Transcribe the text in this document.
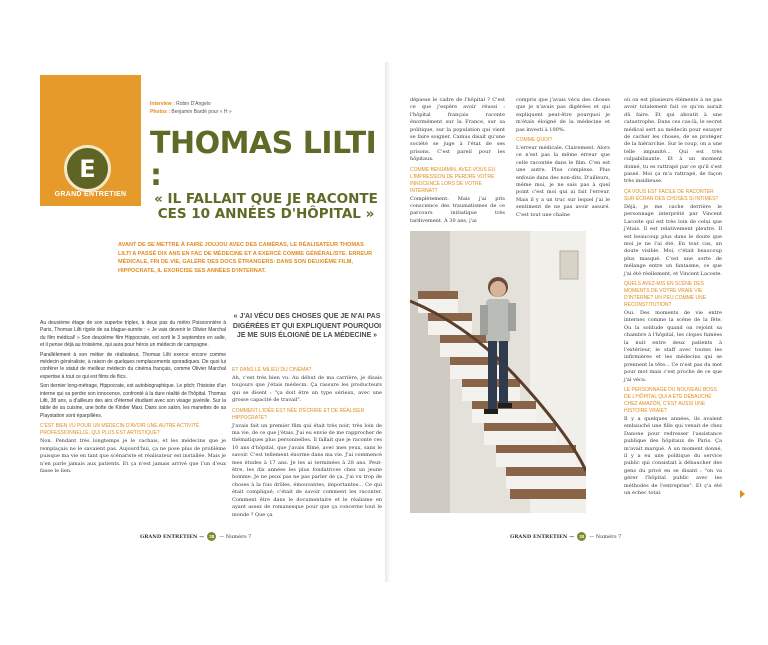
E
GRAND ENTRETIEN
Interview : Robin D'Angelo
Photos : Benjamin Bardé pour « H »
THOMAS LILTI :
« IL FALLAIT QUE JE RACONTE
CES 10 ANNÉES D'HÔPITAL »
AVANT DE SE METTRE À FAIRE JOUJOU AVEC DES CAMÉRAS, LE RÉALISATEUR THOMAS LILTI A PASSÉ DIX ANS EN FAC DE MÉDECINE ET A EXERCÉ COMME GÉNÉRALISTE. ERREUR MÉDICALE, FIN DE VIE, GALÈRE DES DOCS ÉTRANGERS: DANS SON DEUXIÈME FILM, HIPPOCRATE, IL EXORCISE SES ANNÉES D'INTERNAT.
« J'AI VÉCU DES CHOSES QUE JE N'AI PAS DIGÉRÉES ET QUI EXPLIQUENT POURQUOI JE ME SUIS ÉLOIGNÉ DE LA MÉDECINE »

Au deuxième étage de son superbe triplex, à deux pas du métro Poissonnière à Paris, Thomas Lilti rigole de sa blague-surnite : « Je vais devenir le Olivier Marchal du film médical! » Son deuxième film Hippocrate, est sorti le 3 septembre en salle, et il pense déjà au troisième, qui aura pour héros un médecin de campagne.

Parallèlement à son métier de réalisateur, Thomas Lilti exerce encore comme médecin généraliste, à raison de quelques remplacements sporadiques. De quoi lui conférer le statut de meilleur médecin du cinéma français, comme Olivier Marchal expertise à tout ce qui est films de flics.

Son dernier long-métrage, Hippocrate, est autobiographique. Le pitch: l'histoire d'un interne qui va perdre son innocence, confronté à la dure réalité de l'hôpital. Thomas Lilti, 38 ans, a d'ailleurs des airs d'éternel étudiant avec son visage juvénile. Sur la table de sa cuisine, une boîte de Kinder Maxi. Dans son salon, les manettes de sa Playstation sont éparpillées.

C'EST BIEN VU POUR UN MÉDECIN D'AVOIR UNE AUTRE ACTIVITÉ PROFESSIONNELLE, QUI PLUS EST ARTISTIQUE?

Non. Pendant très longtemps je le cachais, et les médecins que je remplaçais ne le savaient pas. Aujourd'hui, ça ne pose plus de problème puisque ma vie en tant que scénariste et réalisateur est installée. Mais je n'en parle jamais aux patients. Et ça n'est jamais arrivé que l'un d'eux fasse le lien.

ET DANS LE MILIEU DU CINÉMA?

Ah, c'est très bien vu. Au début de ma carrière, je disais toujours que j'étais médecin. Ça rassure les producteurs qui se disent : "ça doit être un type sérieux, avec une grosse capacité de travail".

COMMENT L'IDÉE EST NÉE D'ÉCRIRE ET DE RÉALISER HIPPOCRATE?

J'avais fait un premier film qui était très noir, très loin de ma vie, de ce que j'étais. J'ai eu envie de me rapprocher de thématiques plus personnelles. Il fallait que je raconte ces 10 ans d'hôpital, que j'avais filmé, avec mes yeux, sans le savoir. C'est tellement énorme dans ma vie. J'ai commencé mes études à 17 ans. Je les ai terminées à 28 ans. Peut-être, les dix années les plus fondatrices chez un jeune homme. Je ne peux pas ne pas parler de ça. J'ai vu trop de choses à la fois drôles, émouvantes, importantes... Ce qui était compliqué, c'était de savoir comment les raconter. Comment être dans le documentaire et le réalisme en ayant assez de romanesque pour que ça concerne tout le monde ? Que ça

GRAND ENTRETIEN —	28	— Numéro 7

dépasse le cadre de l'hôpital ? C'est ce que j'espère avoir réussi : l'hôpital français raconte énormément sur la France, sur sa politique, sur la population qui vient se faire soigner. Camus disait qu'une société se juge à l'état de ses prisons. C'est pareil pour les hôpitaux.

COMME BENJAMIN, AVEZ-VOUS EU L'IMPRESSION DE PERDRE VOTRE INNOCENCE LORS DE VOTRE INTERNAT?

Complètement. Mais j'ai pris conscience des traumatismes de ce parcours initiatique très tardivement. À 30 ans, j'ai

compris que j'avais vécu des choses que je n'avais pas digérées et qui expliquent peut-être pourquoi je m'étais éloigné de la médecine et pas investi à 100%.

COMME QUOI?

L'erreur médicale. Clairement. Alors ce n'est pas la même erreur que celle racontée dans le film. C'en est une autre. Plus complexe. Plus enfouie dans des non-dits. D'ailleurs, même moi, je ne sais pas à quel point c'est moi qui ai fait l'erreur. Mais il y a un truc sur lequel j'ai le sentiment de ne pas avoir assuré. C'est tout une chaîne

où on est plusieurs éléments à ne pas avoir totalement fait ce qu'on aurait dû faire. Et qui aboutit à une catastrophe. Dans ces cas-là, le secret médical sert au médecin pour essayer de cacher les choses, de se protéger de la hiérarchie. Sur le coup, on a une telle impunité... Qui est très culpabilisante. Et à un moment donné, tu es rattrapé par ce qu'il s'est passé. Moi ça m'a rattrapé, de façon très insidieuse.

ÇA VOUS EST FACILE DE RACONTER SUR ÉCRAN DES CHOSES SI INTIMES?

Déjà, je me cache derrière le personnage interprété par Vincent Lacoste qui est très loin de celui que j'étais. Il est relativement pleutre. Il est beaucoup plus dans le doute que moi je ne l'ai été. En tout cas, un doute visible. Moi, c'était beaucoup plus masqué. C'est une sorte de mélange entre un fantasme, ce que j'ai été réellement, et Vincent Lacoste.

QUELS AVEZ-MIS EN SCÈNE DES MOMENTS DE VOTRE VRAIE VIE D'INTERNE? UN PEU COMME UNE RECONSTITUTION?

Oui. Des moments de vie entre internes comme la scène de la fête. Ou la solitude quand on rejoint sa chambre à l'hôpital, les clopes fumées la nuit entre deux patients à l'extérieur, le staff avec toutes les infirmières et les médecins qui se prennent la tête... Ce n'est pas du mot pour mot mais c'est proche de ce que j'ai vécu.

LE PERSONNAGE DU NOUVEAU BOSS DE L'HÔPITAL QUI A ÉTÉ DÉBAUCHÉ CHEZ AMAZON, C'EST AUSSI UNE HISTOIRE VRAIE?

Il y a quelques années, ils avaient embauché une fille qui venait de chez Danone pour redresser l'assistance publique des hôpitaux de Paris. Ça m'avait marqué. À un moment donné, il y a eu une politique du service public qui consistait à débaucher des gens du privé en se disant : "on va gérer l'hôpital public avec les méthodes de l'entreprise". Et ç'a été un échec total.

GRAND ENTRETIEN —	30	— Numéro 7
